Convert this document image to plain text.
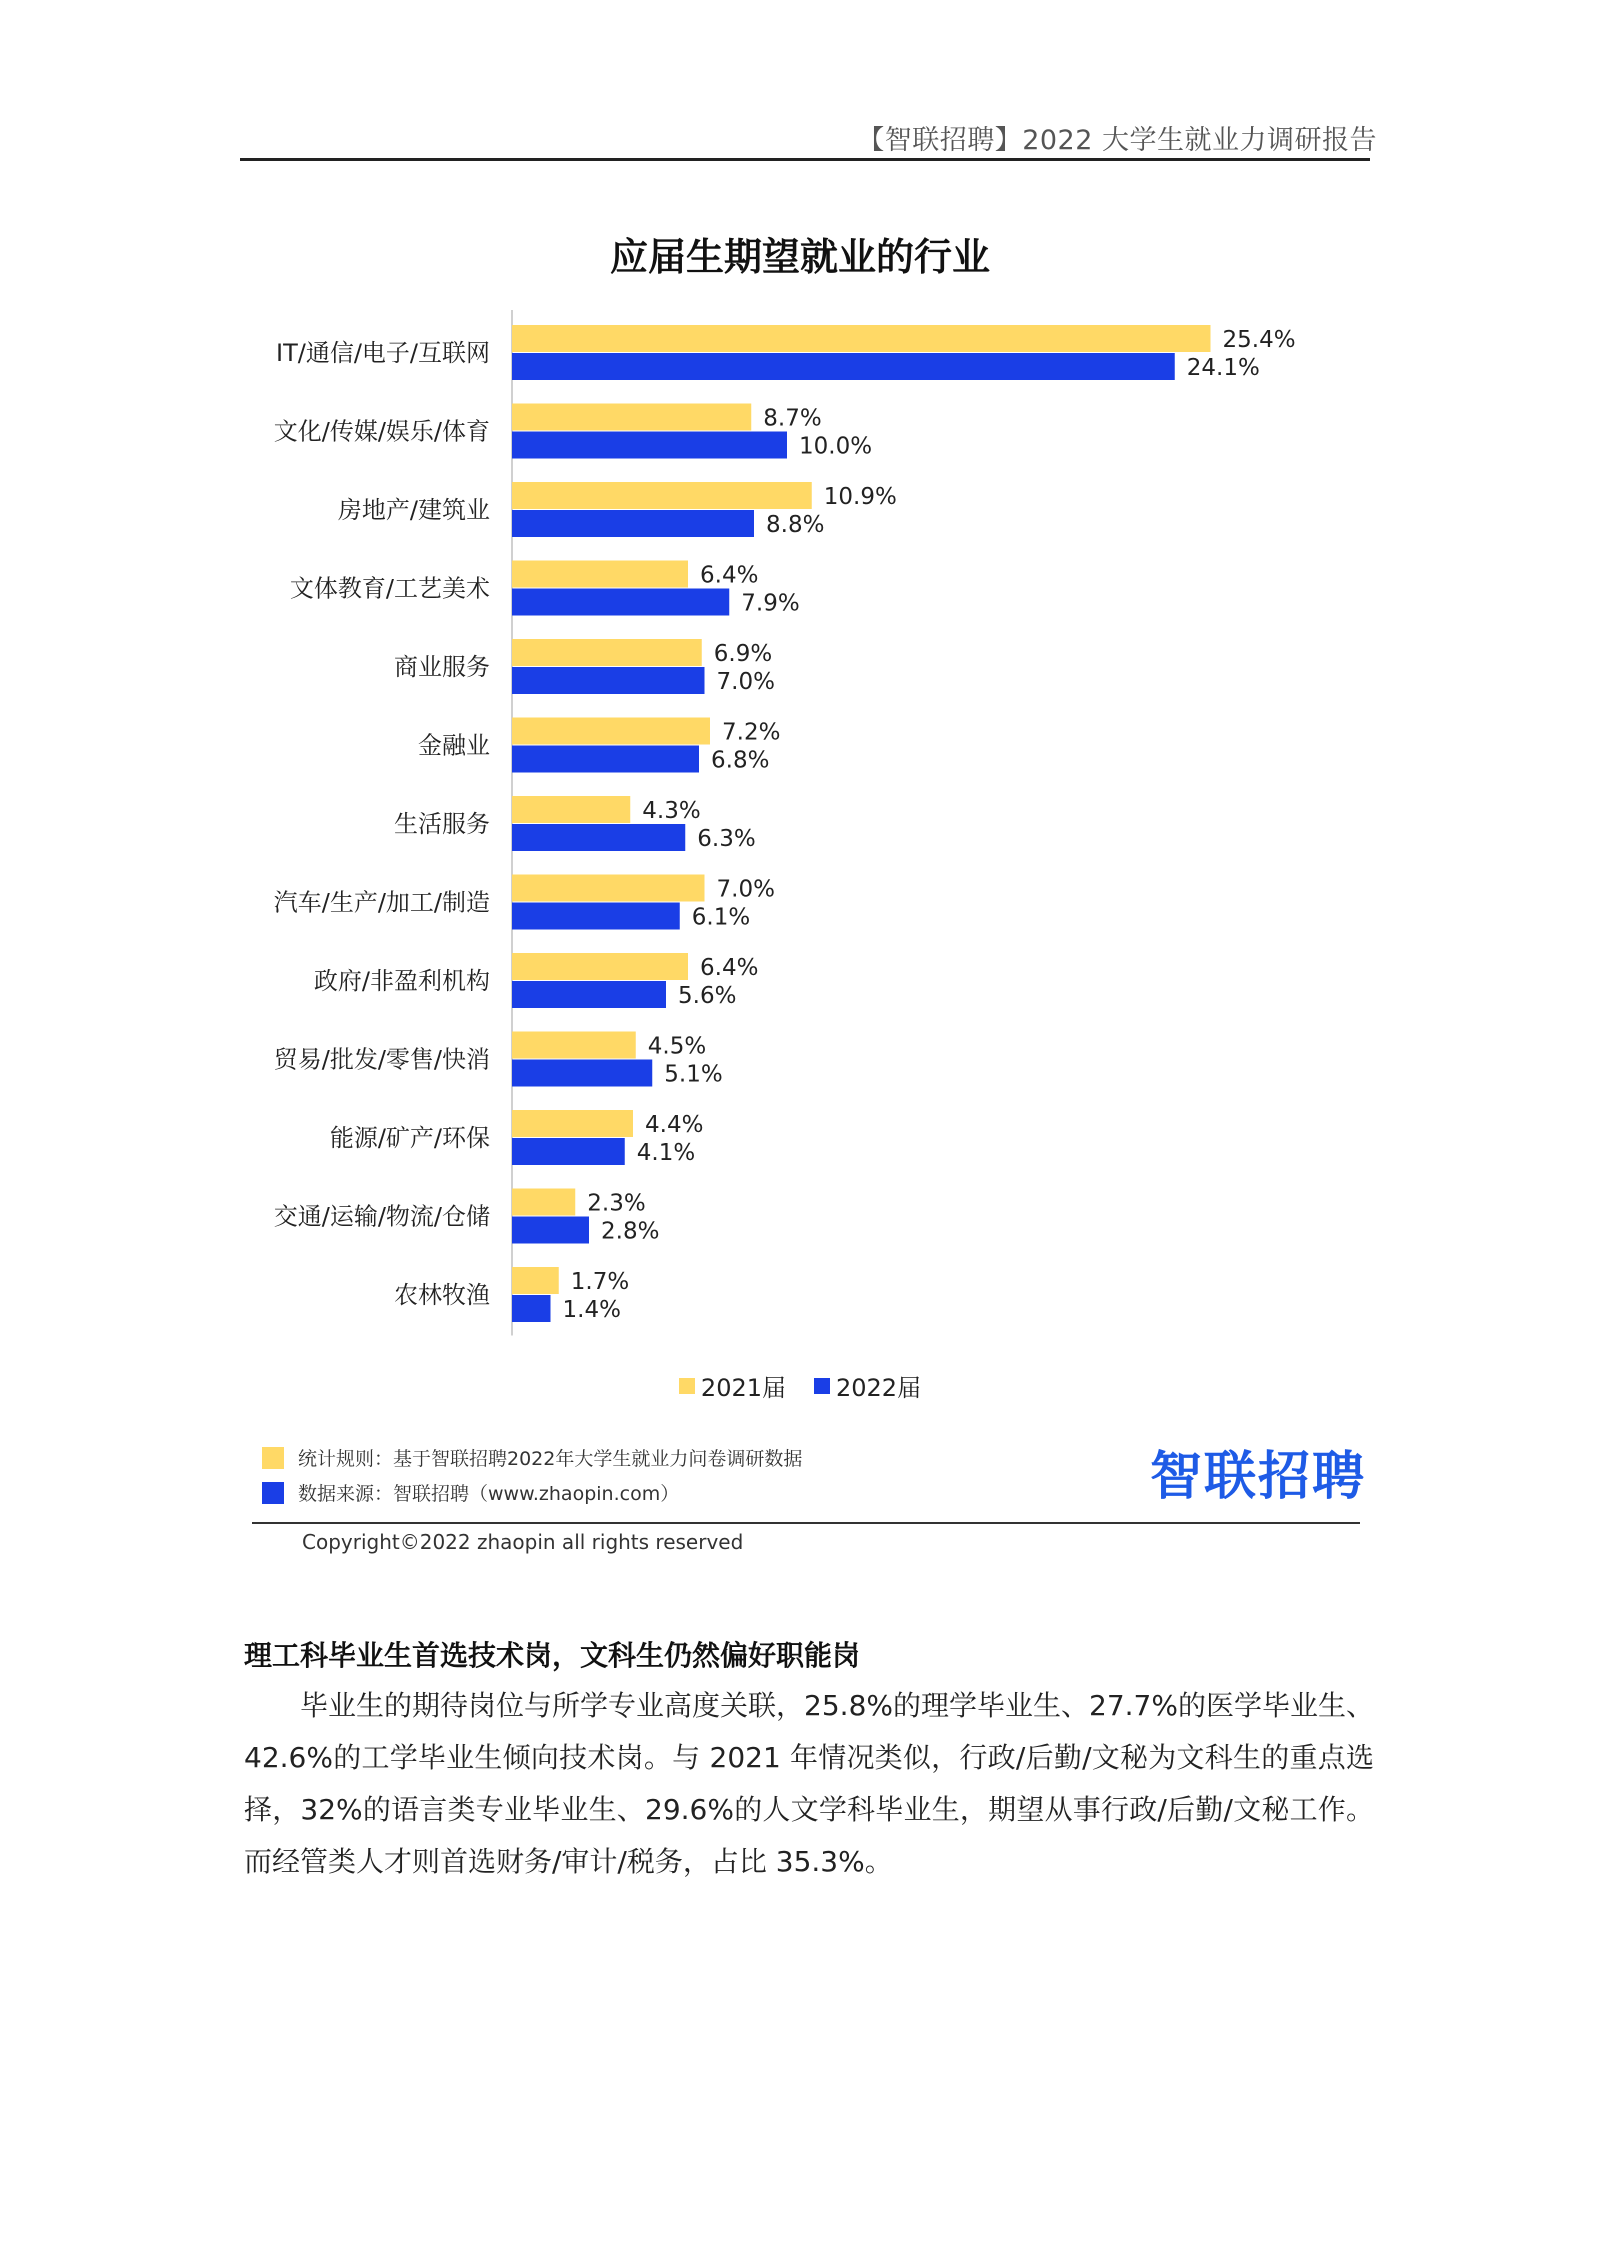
【智联招聘】2022 大学生就业力调研报告
应届生期望就业的行业
IT/通信/电子/互联网	25.4%
24.1%
文化/传媒/娱乐/体育	8.7%
10.0%
房地产/建筑业	10.9%
8.8%
文体教育/工艺美术	6.4%
7.9%
商业服务	6.9%
7.0%
金融业	7.2%
6.8%
生活服务	4.3%
6.3%
汽车/生产/加工/制造	7.0%
6.1%
政府/非盈利机构	6.4%
5.6%
贸易/批发/零售/快消	4.5%
5.1%
能源/矿产/环保	4.4%
4.1%
交通/运输/物流/仓储	2.3%
2.8%
农林牧渔	1.7%
1.4%
2021届 2022届
统计规则：基于智联招聘2022年大学生就业力问卷调研数据
数据来源：智联招聘（www.zhaopin.com）	智联招聘
Copyright©2022 zhaopin all rights reserved
理工科毕业生首选技术岗，文科生仍然偏好职能岗
毕业生的期待岗位与所学专业高度关联，25.8%的理学毕业生、27.7%的医学毕业生、42.6%的工学毕业生倾向技术岗。与 2021 年情况类似，行政/后勤/文秘为文科生的重点选择，32%的语言类专业毕业生、29.6%的人文学科毕业生，期望从事行政/后勤/文秘工作。而经管类人才则首选财务/审计/税务，占比 35.3%。
